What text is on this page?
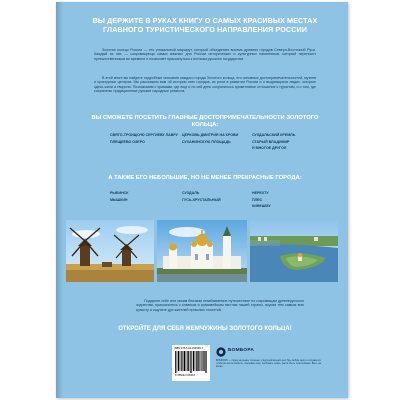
ВЫ ДЕРЖИТЕ В РУКАХ КНИГУ О САМЫХ КРАСИВЫХ МЕСТАХ ГЛАВНОГО ТУРИСТИЧЕСКОГО НАПРАВЛЕНИЯ РОССИИ
Золотое кольцо России — это уникальный маршрут, который объединяет восемь древних городов Северо-Восточной Руси. Каждый из них — сокровищница самых важных для России исторических и культурных памятников, который переносит путешественников во времени и позволяет прикоснуться к истокам русского государства.
В этой книге вы найдете подробные описания каждого города Золотого кольца, его основных достопримечательностей, музеев и культурных центров. Мы расскажем вам об истории этих городов, их роли в развитии России и о выдающихся людях, которые здесь жили и творили. Познакомим с храмами, где еще и по сей день сохранилось приветливое отношение к туристам, и о том, где сохранены традиционные русские народные ремесла.
ВЫ СМОЖЕТЕ ПОСЕТИТЬ ГЛАВНЫЕ ДОСТОПРИМЕЧАТЕЛЬНОСТИ ЗОЛОТОГО КОЛЬЦА:
СВЯТО-ТРОИЦКУЮ СЕРГИЕВУ ЛАВРУ
ПЛЕЩЕЕВО ОЗЕРО
ЦЕРКОВЬ ДМИТРИЯ НА КРОВИ
СУХАНИНСКУЮ ПЛОЩАДЬ
СУЗДАЛЬСКИЙ КРЕМЛЬ
СТАРЫЙ ВЛАДИМИР
И МНОГОЕ ДРУГОЕ
А ТАКЖЕ ЕГО НЕБОЛЬШИЕ, НО НЕ МЕНЕЕ ПРЕКРАСНЫЕ ГОРОДА:
РЫБИНСК
МЫШКИН
СУЗДАЛЬ
ГУСЬ-ХРУСТАЛЬНЫЙ
НЕРЕХТУ
ПЛЕС
КИНЕШМУ
Подарите себе или своим близким незабываемое путешествие по сокровищам древнерусского зодчества, прикоснитесь к главным и красивейшим местам нашей страны, вкусив тем самым всю красоту и ощутите дух жителей прошлых столетий.
ОТКРОЙТЕ ДЛЯ СЕБЯ ЖЕМЧУЖИНЫ ЗОЛОТОГО КОЛЬЦА!
ISBN 978-5-04-204536-7
9 785042 045367
БОМБОРА
БОМБОРА — лидер на рынке полезных и вдохновляющих книг. Мы любим книги и создаём их, чтобы вы могли творить, открывать мир, пробовать новое, расти. Быть счастливыми. Быть на волне.
